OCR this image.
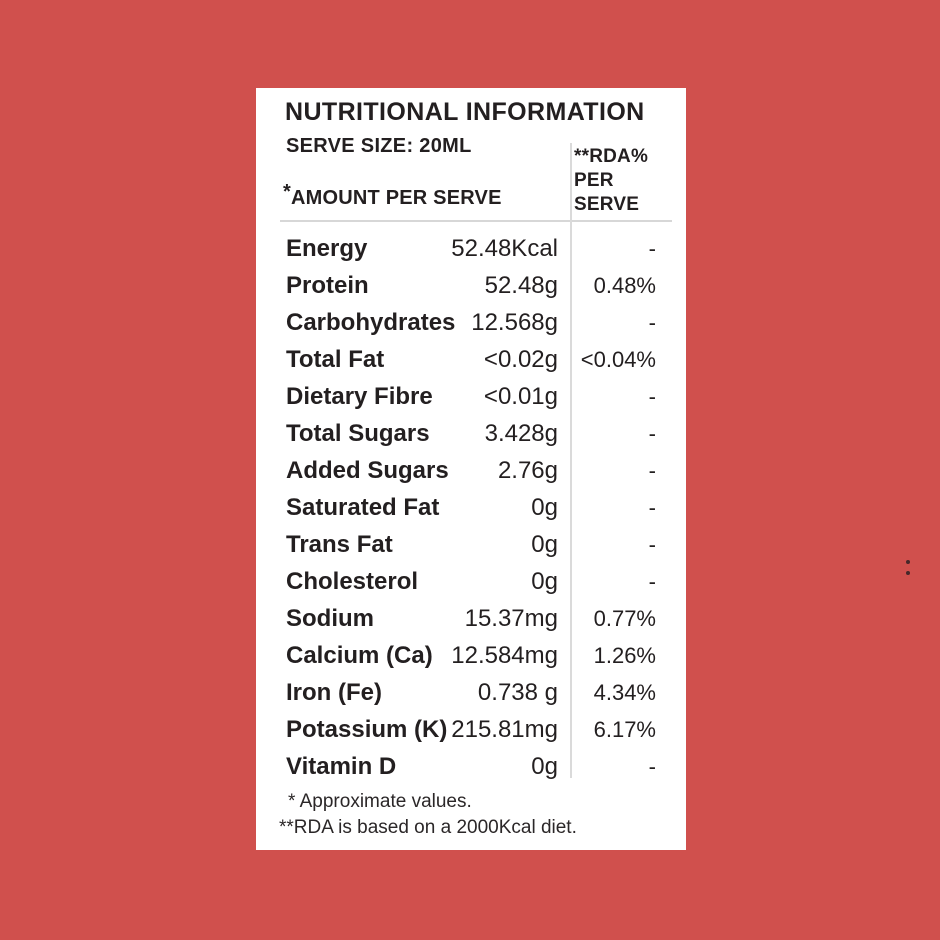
NUTRITIONAL INFORMATION
SERVE SIZE: 20ML
*AMOUNT PER SERVE
**RDA%
PER
SERVE
Energy	52.48Kcal	-
Protein	52.48g	0.48%
Carbohydrates 12.568g	-
Total Fat	<0.02g	<0.04%
Dietary Fibre <0.01g	-
Total Sugars 3.428g	-
Added Sugars 2.76g	-
Saturated Fat	0g	-
Trans Fat	0g	-
Cholesterol	0g	-
Sodium	15.37mg	0.77%
Calcium (Ca) 12.584mg	1.26%
Iron (Fe)	0.738 g	4.34%
Potassium (K) 215.81mg	6.17%
Vitamin D	0g	-
* Approximate values.
**RDA is based on a 2000Kcal diet.
